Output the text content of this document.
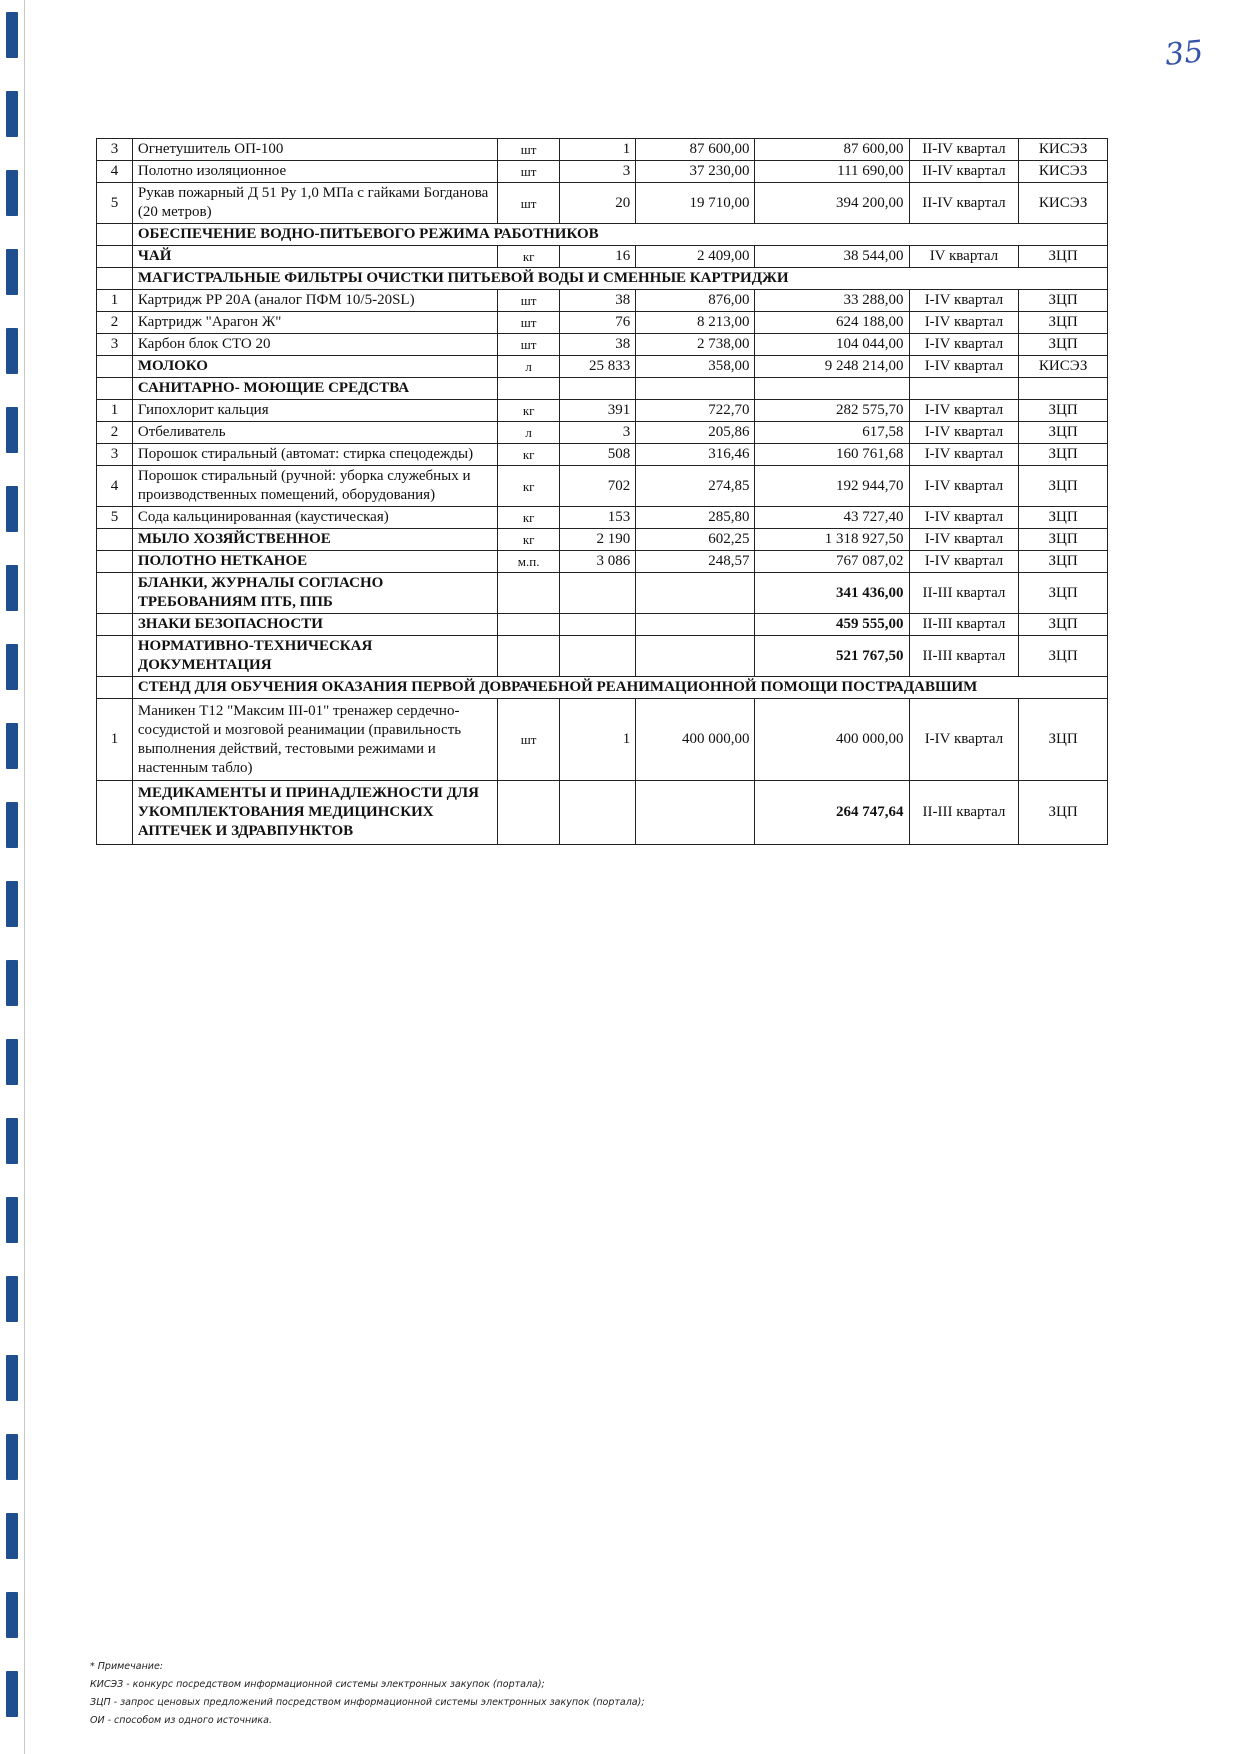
35
3	Огнетушитель ОП-100	шт	1	87 600,00	87 600,00	II-IV квартал	КИСЭЗ
4	Полотно изоляционное	шт	3	37 230,00	111 690,00	II-IV квартал	КИСЭЗ
5	Рукав пожарный Д 51 Ру 1,0 МПа с гайками Богданова (20 метров)	шт	20	19 710,00	394 200,00	II-IV квартал	КИСЭЗ
	ОБЕСПЕЧЕНИЕ ВОДНО-ПИТЬЕВОГО РЕЖИМА РАБОТНИКОВ						
	ЧАЙ	кг	16	2 409,00	38 544,00	IV квартал	ЗЦП
	МАГИСТРАЛЬНЫЕ ФИЛЬТРЫ ОЧИСТКИ ПИТЬЕВОЙ ВОДЫ И СМЕННЫЕ КАРТРИДЖИ						
1	Картридж PP 20A (аналог ПФМ 10/5-20SL)	шт	38	876,00	33 288,00	I-IV квартал	ЗЦП
2	Картридж "Арагон Ж"	шт	76	8 213,00	624 188,00	I-IV квартал	ЗЦП
3	Карбон блок CTO 20	шт	38	2 738,00	104 044,00	I-IV квартал	ЗЦП
	МОЛОКО	л	25 833	358,00	9 248 214,00	I-IV квартал	КИСЭЗ
	САНИТАРНО- МОЮЩИЕ СРЕДСТВА						
1	Гипохлорит кальция	кг	391	722,70	282 575,70	I-IV квартал	ЗЦП
2	Отбеливатель	л	3	205,86	617,58	I-IV квартал	ЗЦП
3	Порошок стиральный (автомат: стирка спецодежды)	кг	508	316,46	160 761,68	I-IV квартал	ЗЦП
4	Порошок стиральный (ручной: уборка служебных и производственных помещений, оборудования)	кг	702	274,85	192 944,70	I-IV квартал	ЗЦП
5	Сода кальцинированная (каустическая)	кг	153	285,80	43 727,40	I-IV квартал	ЗЦП
	МЫЛО ХОЗЯЙСТВЕННОЕ	кг	2 190	602,25	1 318 927,50	I-IV квартал	ЗЦП
	ПОЛОТНО НЕТКАНОЕ	м.п.	3 086	248,57	767 087,02	I-IV квартал	ЗЦП
	БЛАНКИ, ЖУРНАЛЫ СОГЛАСНО ТРЕБОВАНИЯМ ПТБ, ППБ				341 436,00	II-III квартал	ЗЦП
	ЗНАКИ БЕЗОПАСНОСТИ				459 555,00	II-III квартал	ЗЦП
	НОРМАТИВНО-ТЕХНИЧЕСКАЯ ДОКУМЕНТАЦИЯ				521 767,50	II-III квартал	ЗЦП
	СТЕНД ДЛЯ ОБУЧЕНИЯ ОКАЗАНИЯ ПЕРВОЙ ДОВРАЧЕБНОЙ РЕАНИМАЦИОННОЙ ПОМОЩИ ПОСТРАДАВШИМ						
1	Маникен Т12 "Максим III-01" тренажер сердечно-сосудистой и мозговой реанимации (правильность выполнения действий, тестовыми режимами и настенным табло)	шт	1	400 000,00	400 000,00	I-IV квартал	ЗЦП
	МЕДИКАМЕНТЫ И ПРИНАДЛЕЖНОСТИ ДЛЯ УКОМПЛЕКТОВАНИЯ МЕДИЦИНСКИХ АПТЕЧЕК И ЗДРАВПУНКТОВ				264 747,64	II-III квартал	ЗЦП
* Примечание:
КИСЭЗ - конкурс посредством информационной системы электронных закупок (портала);
ЗЦП - запрос ценовых предложений посредством информационной системы электронных закупок (портала);
ОИ - способом из одного источника.
